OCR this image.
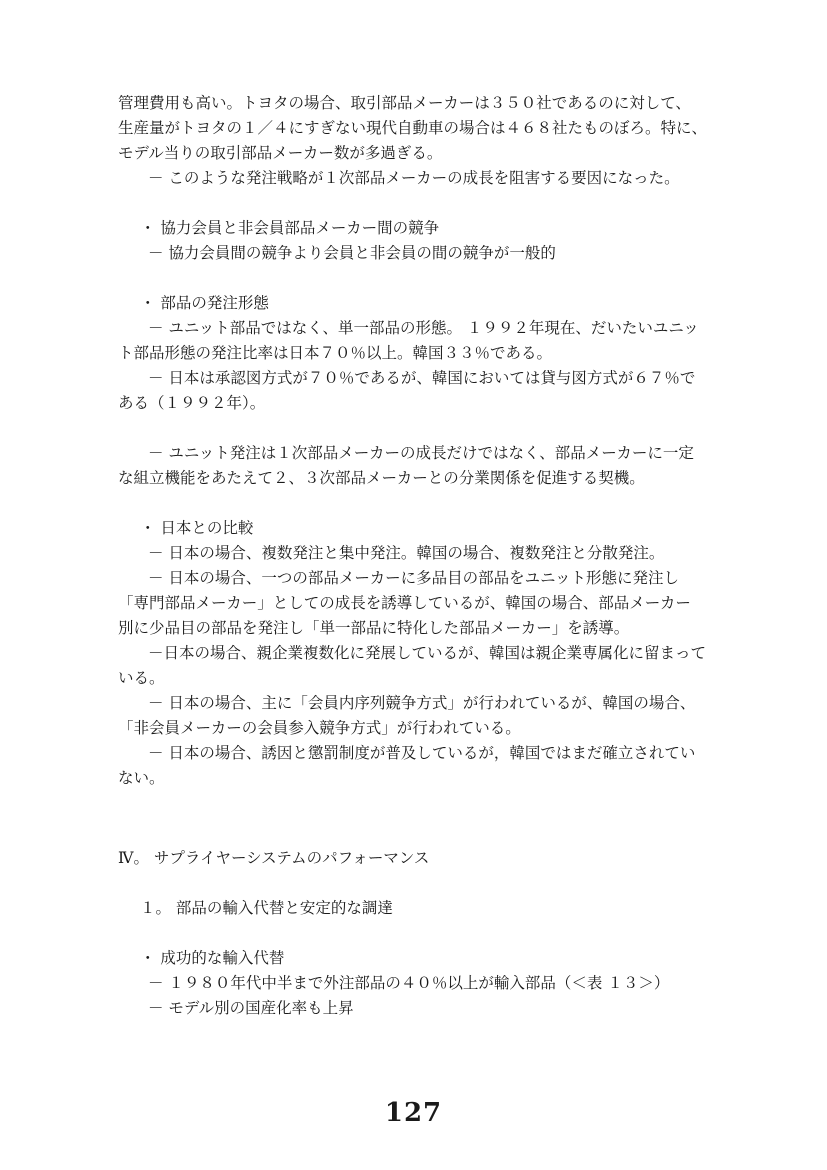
管理費用も高い。トヨタの場合、取引部品メーカーは３５０社であるのに対して、
生産量がトヨタの１／４にすぎない現代自動車の場合は４６８社たものぼろ。特に、
モデル当りの取引部品メーカー数が多過ぎる。
－ このような発注戦略が１次部品メーカーの成長を阻害する要因になった。
・ 協力会員と非会員部品メーカー間の競争
－ 協力会員間の競争より会員と非会員の間の競争が一般的
・ 部品の発注形態
－ ユニット部品ではなく、単一部品の形態。 １９９２年現在、だいたいユニッ
ト部品形態の発注比率は日本７０％以上。韓国３３％である。
－ 日本は承認図方式が７０％であるが、韓国においては貸与図方式が６７％で
ある（１９９２年）。
－ ユニット発注は１次部品メーカーの成長だけではなく、部品メーカーに一定
な組立機能をあたえて２、３次部品メーカーとの分業関係を促進する契機。
・ 日本との比較
－ 日本の場合、複数発注と集中発注。韓国の場合、複数発注と分散発注。
－ 日本の場合、一つの部品メーカーに多品目の部品をユニット形態に発注し
「専門部品メーカー」としての成長を誘導しているが、韓国の場合、部品メーカー
別に少品目の部品を発注し「単一部品に特化した部品メーカー」を誘導。
－日本の場合、親企業複数化に発展しているが、韓国は親企業専属化に留まって
いる。
－ 日本の場合、主に「会員内序列競争方式」が行われているが、韓国の場合、
「非会員メーカーの会員参入競争方式」が行われている。
－ 日本の場合、誘因と懲罰制度が普及しているが，韓国ではまだ確立されてい
ない。
Ⅳ。 サプライヤーシステムのパフォーマンス
１。 部品の輸入代替と安定的な調達
・ 成功的な輸入代替
－ １９８０年代中半まで外注部品の４０％以上が輸入部品（＜表 １３＞）
－ モデル別の国産化率も上昇
127
